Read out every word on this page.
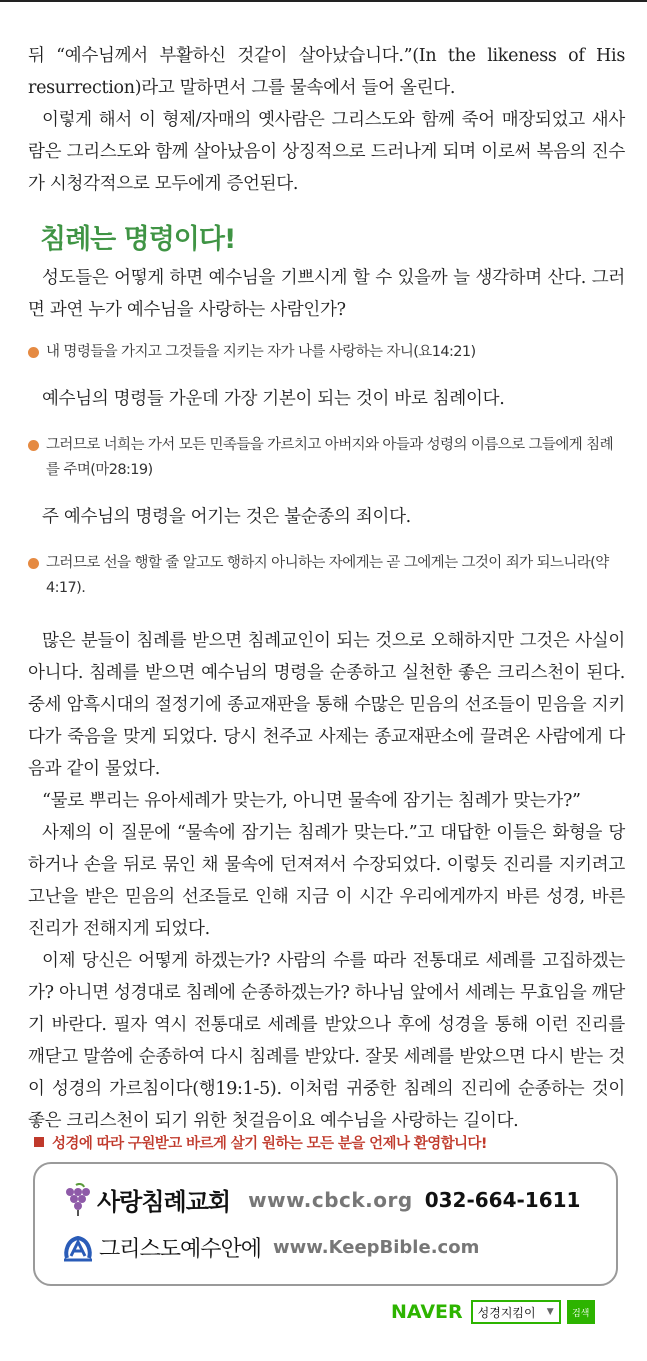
뒤 “예수님께서 부활하신 것같이 살아났습니다.”(In the likeness of His resurrection)라고 말하면서 그를 물속에서 들어 올린다.

이렇게 해서 이 형제/자매의 옛사람은 그리스도와 함께 죽어 매장되었고 새사람은 그리스도와 함께 살아났음이 상징적으로 드러나게 되며 이로써 복음의 진수가 시청각적으로 모두에게 증언된다.

침례는 명령이다!

성도들은 어떻게 하면 예수님을 기쁘시게 할 수 있을까 늘 생각하며 산다. 그러면 과연 누가 예수님을 사랑하는 사람인가?

내 명령들을 가지고 그것들을 지키는 자가 나를 사랑하는 자니(요14:21)

예수님의 명령들 가운데 가장 기본이 되는 것이 바로 침례이다.

그러므로 너희는 가서 모든 민족들을 가르치고 아버지와 아들과 성령의 이름으로 그들에게 침례를 주며(마28:19)

주 예수님의 명령을 어기는 것은 불순종의 죄이다.

그러므로 선을 행할 줄 알고도 행하지 아니하는 자에게는 곧 그에게는 그것이 죄가 되느니라(약4:17).

많은 분들이 침례를 받으면 침례교인이 되는 것으로 오해하지만 그것은 사실이 아니다. 침례를 받으면 예수님의 명령을 순종하고 실천한 좋은 크리스천이 된다. 중세 암흑시대의 절정기에 종교재판을 통해 수많은 믿음의 선조들이 믿음을 지키다가 죽음을 맞게 되었다. 당시 천주교 사제는 종교재판소에 끌려온 사람에게 다음과 같이 물었다.

“물로 뿌리는 유아세례가 맞는가, 아니면 물속에 잠기는 침례가 맞는가?”

사제의 이 질문에 “물속에 잠기는 침례가 맞는다.”고 대답한 이들은 화형을 당하거나 손을 뒤로 묶인 채 물속에 던져져서 수장되었다. 이렇듯 진리를 지키려고 고난을 받은 믿음의 선조들로 인해 지금 이 시간 우리에게까지 바른 성경, 바른 진리가 전해지게 되었다.

이제 당신은 어떻게 하겠는가? 사람의 수를 따라 전통대로 세례를 고집하겠는가? 아니면 성경대로 침례에 순종하겠는가? 하나님 앞에서 세례는 무효임을 깨닫기 바란다. 필자 역시 전통대로 세례를 받았으나 후에 성경을 통해 이런 진리를 깨닫고 말씀에 순종하여 다시 침례를 받았다. 잘못 세례를 받았으면 다시 받는 것이 성경의 가르침이다(행19:1-5). 이처럼 귀중한 침례의 진리에 순종하는 것이 좋은 크리스천이 되기 위한 첫걸음이요 예수님을 사랑하는 길이다.

성경에 따라 구원받고 바르게 살기 원하는 모든 분을 언제나 환영합니다!
사랑침례교회 www.cbck.org 032-664-1611
그리스도예수안에 www.KeepBible.com
NAVER 성경지킴이 ▼	검색
